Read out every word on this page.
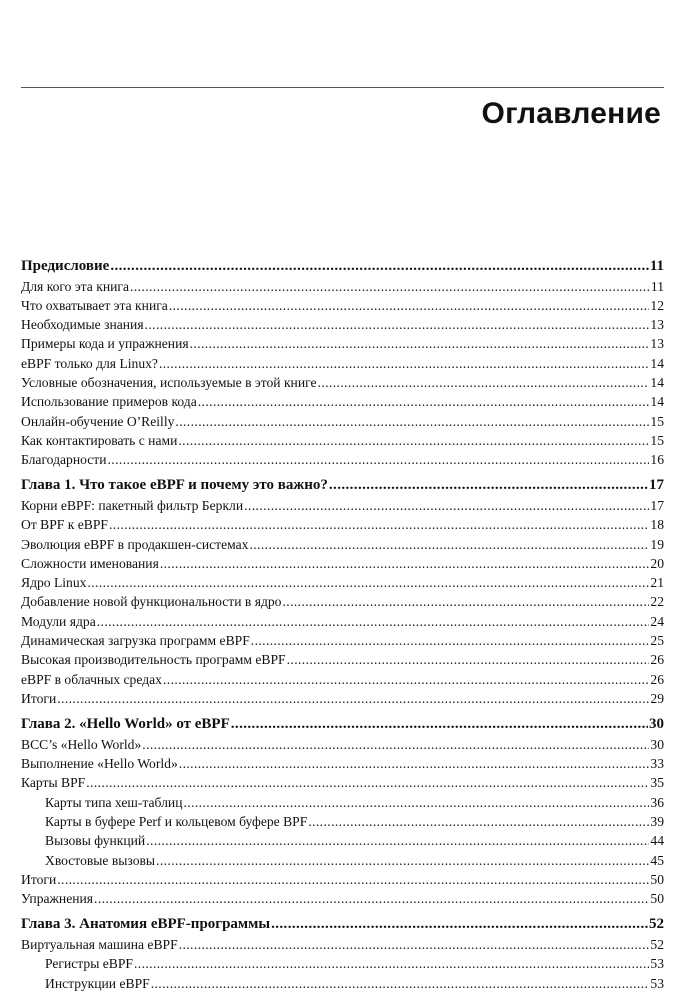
Оглавление
Предисловие .....	11
Для кого эта книга .....	11
Что охватывает эта книга .....	12
Необходимые знания .....	13
Примеры кода и упражнения .....	13
eBPF только для Linux? .....	14
Условные обозначения, используемые в этой книге .....	14
Использование примеров кода .....	14
Онлайн-обучение O’Reilly .....	15
Как контактировать с нами .....	15
Благодарности .....	16
Глава 1. Что такое eBPF и почему это важно? .....	17
Корни eBPF: пакетный фильтр Беркли .....	17
От BPF к eBPF .....	18
Эволюция eBPF в продакшен-системах .....	19
Сложности именования .....	20
Ядро Linux .....	21
Добавление новой функциональности в ядро .....	22
Модули ядра .....	24
Динамическая загрузка программ eBPF .....	25
Высокая производительность программ eBPF .....	26
eBPF в облачных средах .....	26
Итоги .....	29
Глава 2. «Hello World» от eBPF .....	30
BCC’s «Hello World» .....	30
Выполнение «Hello World» .....	33
Карты BPF .....	35
Карты типа хеш-таблиц .....	36
Карты в буфере Perf и кольцевом буфере BPF .....	39
Вызовы функций .....	44
Хвостовые вызовы .....	45
Итоги .....	50
Упражнения .....	50
Глава 3. Анатомия eBPF-программы .....	52
Виртуальная машина eBPF .....	52
Регистры eBPF .....	53
Инструкции eBPF .....	53
